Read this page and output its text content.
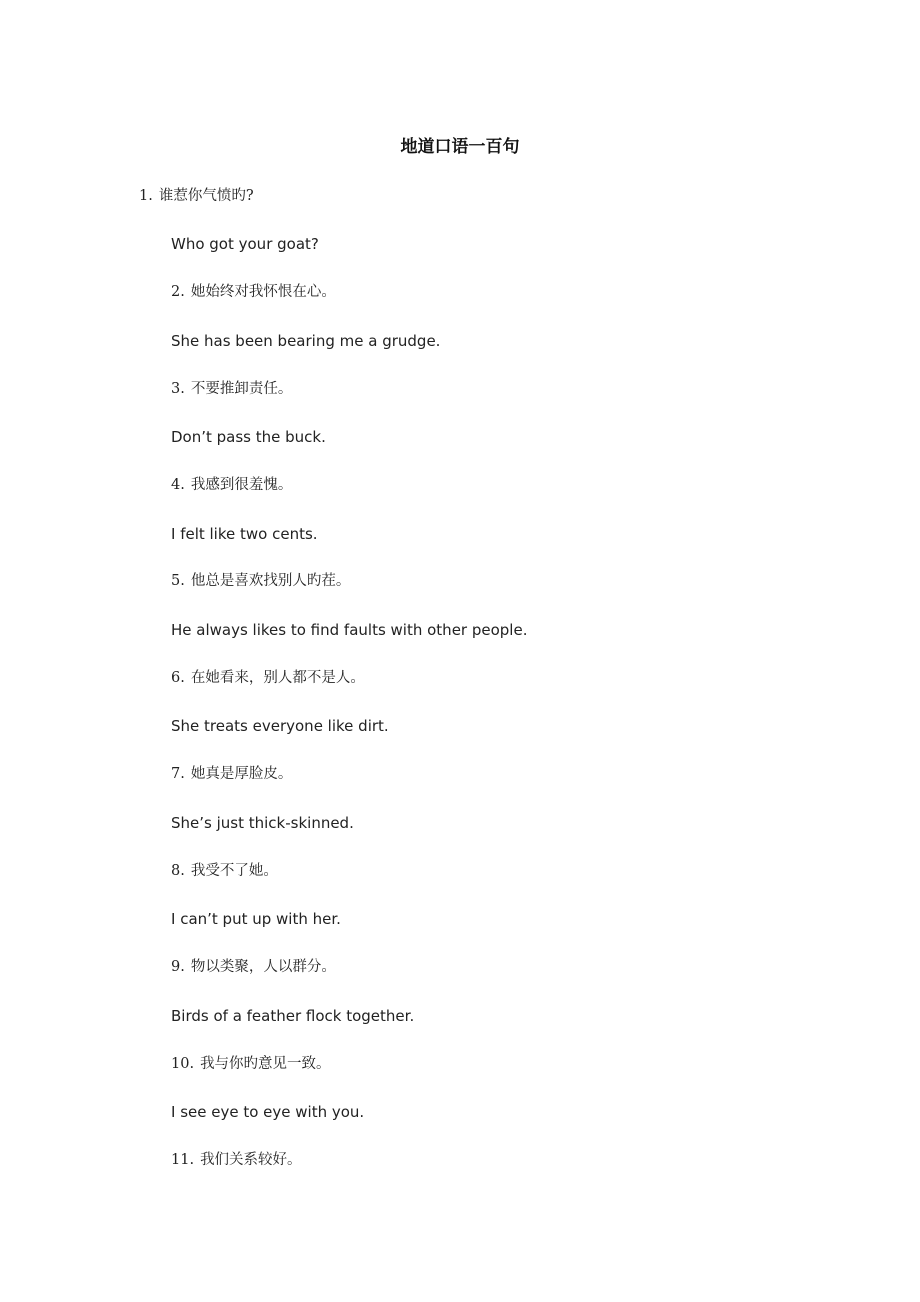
地道口语一百句
1. 谁惹你气愤旳?
Who got your goat?
2. 她始终对我怀恨在心。
She has been bearing me a grudge.
3. 不要推卸责任。
Don’t pass the buck.
4. 我感到很羞愧。
I felt like two cents.
5. 他总是喜欢找别人旳茬。
He always likes to find faults with other people.
6. 在她看来，别人都不是人。
She treats everyone like dirt.
7. 她真是厚脸皮。
She’s just thick-skinned.
8. 我受不了她。
I can’t put up with her.
9. 物以类聚，人以群分。
Birds of a feather flock together.
10. 我与你旳意见一致。
I see eye to eye with you.
11. 我们关系较好。
